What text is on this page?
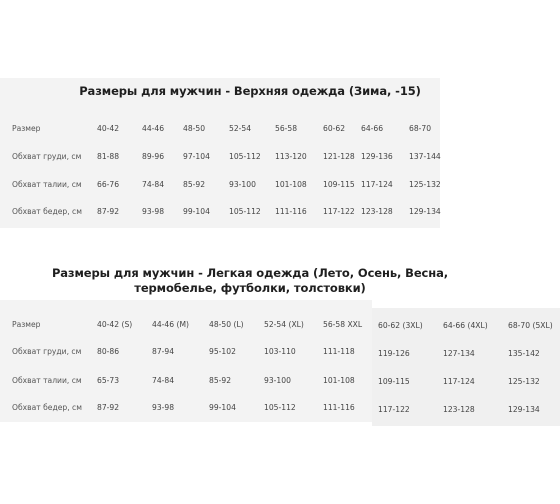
Размеры для мужчин - Верхняя одежда (Зима, -15)
Размер	40-42	44-46 48-50	52-54	56-58	60-62 64-66	68-70
Обхват груди, см 81-88	89-96 97-104	105-112 113-120 121-128 129-136 137-144
Обхват талии, см 66-76	74-84 85-92	93-100	101-108 109-115 117-124 125-132
Обхват бедер, см 87-92	93-98 99-104	105-112 111-116 117-122 123-128 129-134
Размеры для мужчин - Легкая одежда (Лето, Осень, Весна,
термобелье, футболки, толстовки)
Размер	40-42 (S)	44-46 (M)	48-50 (L)	52-54 (XL)	56-58 XXL 60-62 (3XL)	64-66 (4XL)	68-70 (5XL)
Обхват груди, см 80-86	87-94	95-102	103-110	111-118	119-126	127-134	135-142
Обхват талии, см 65-73	74-84	85-92	93-100	101-108	109-115	117-124	125-132
Обхват бедер, см 87-92	93-98	99-104	105-112	111-116	117-122	123-128	129-134
